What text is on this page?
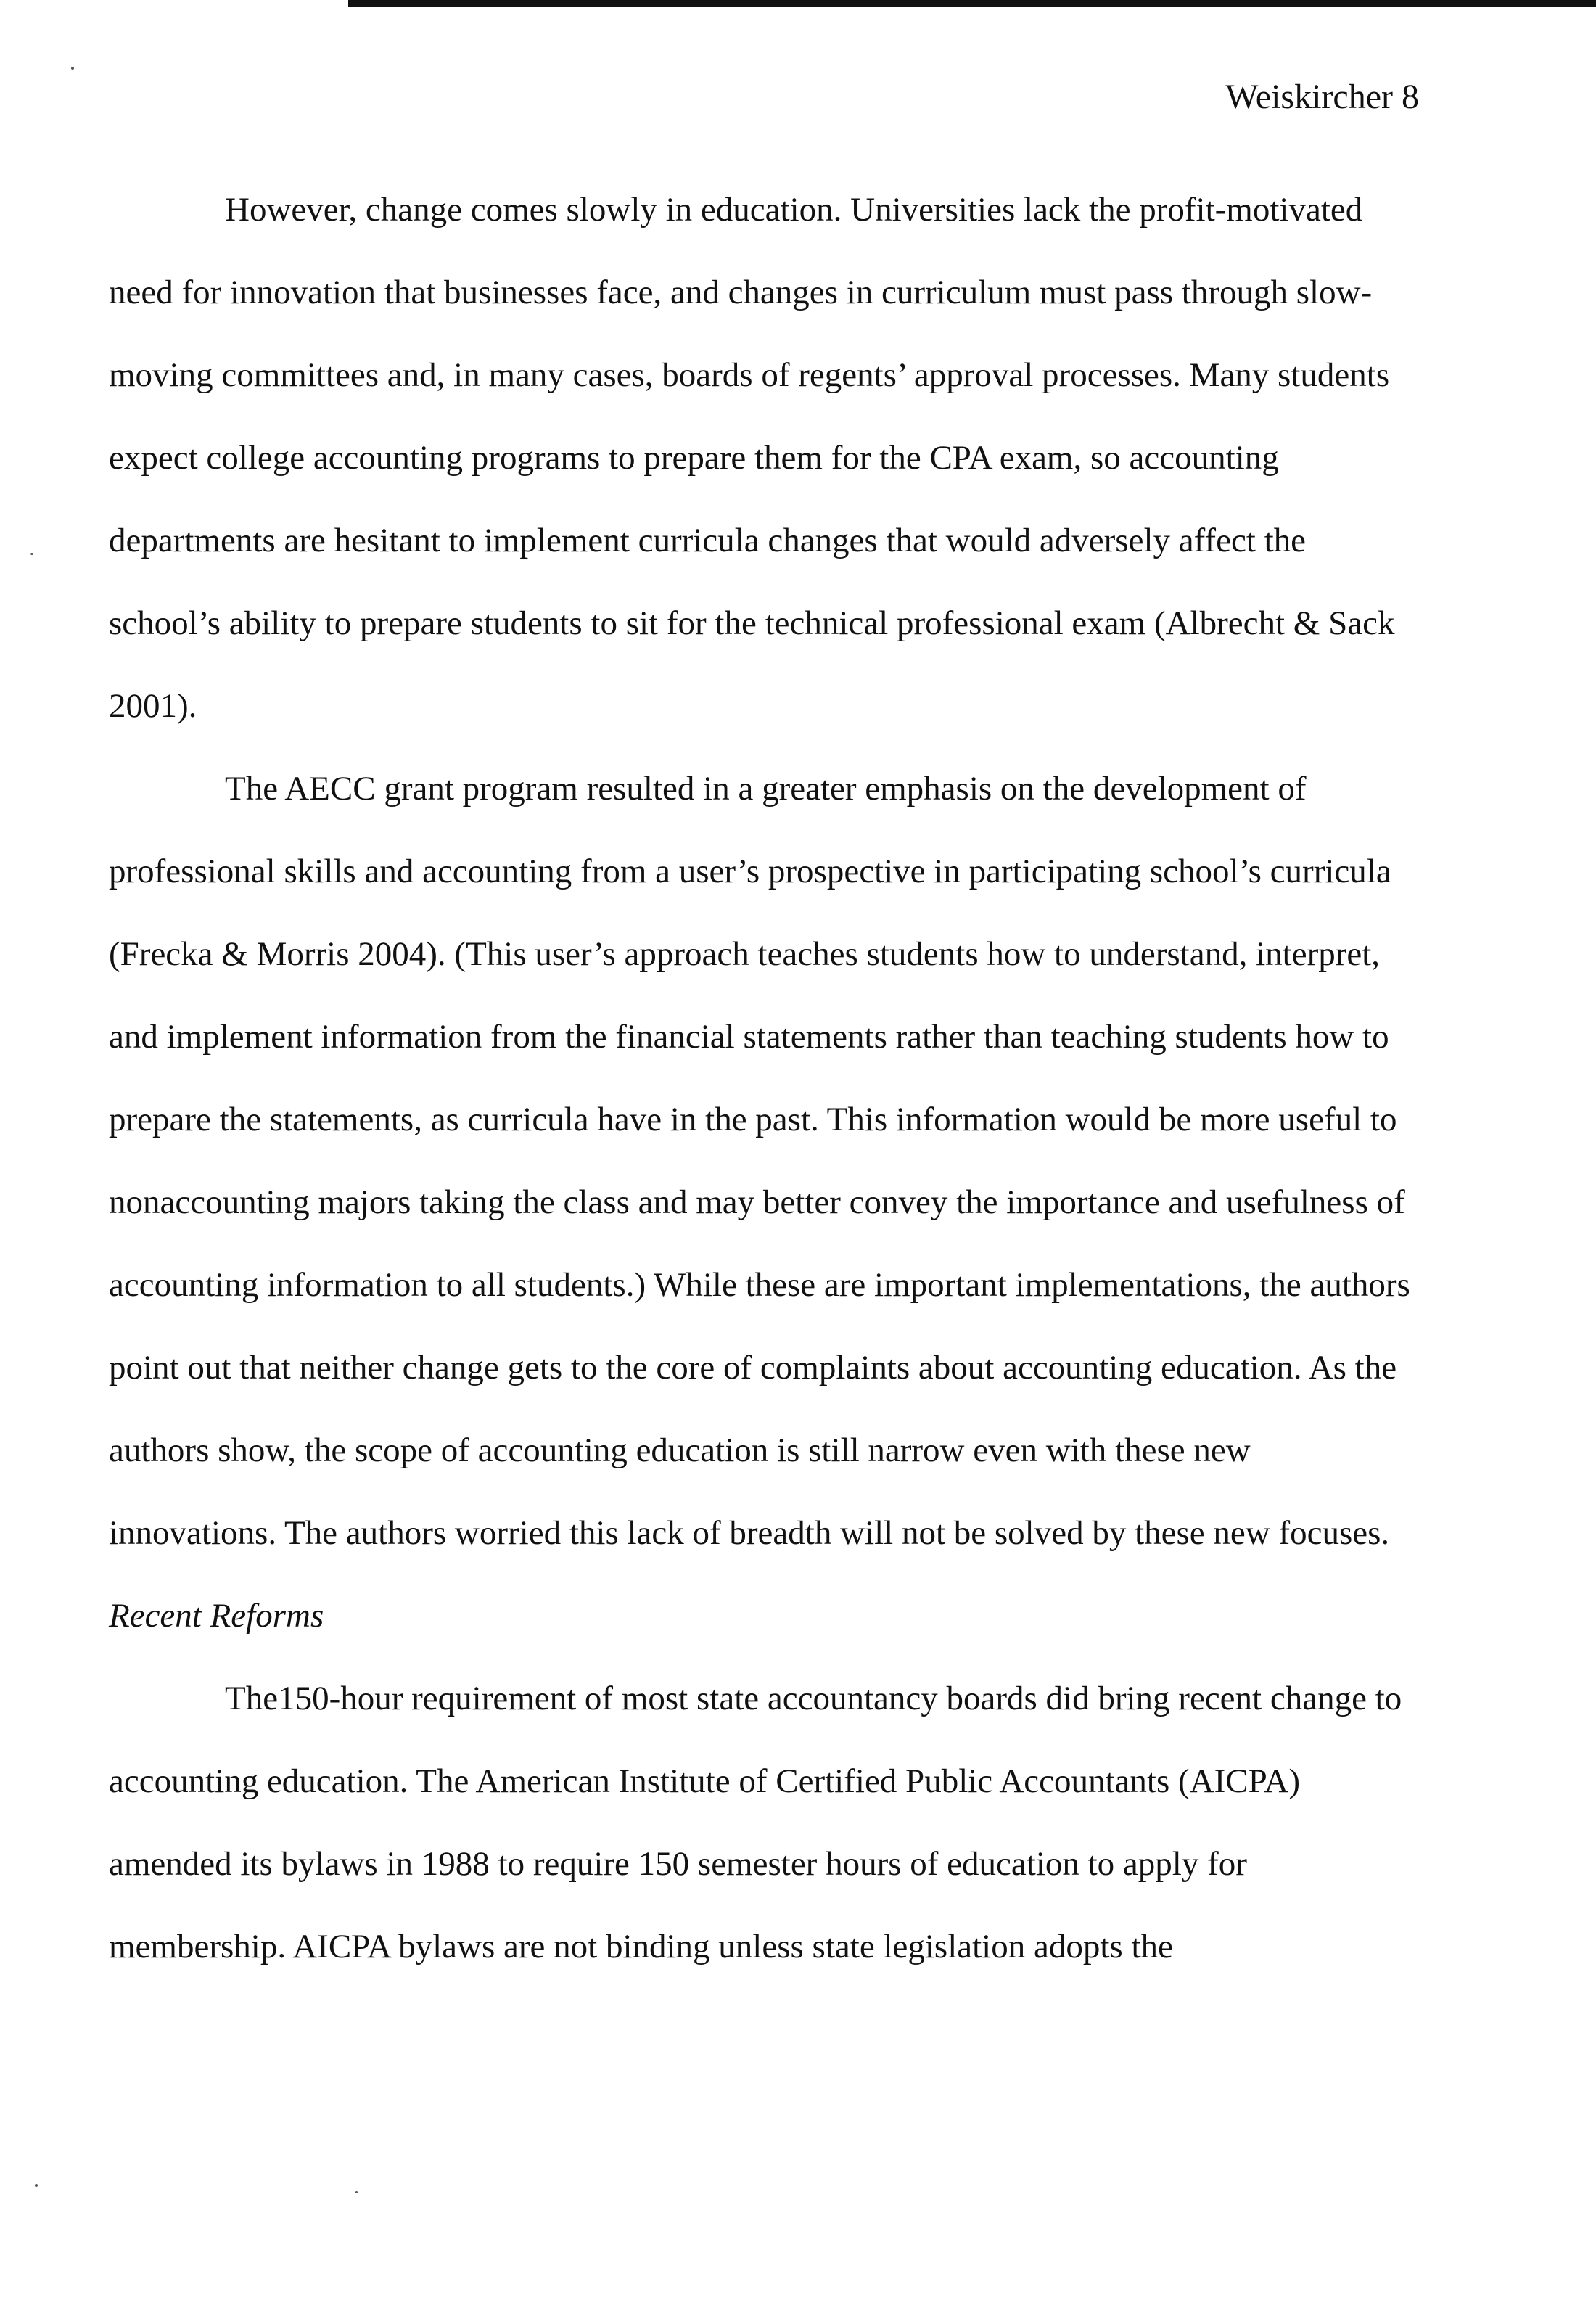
Weiskircher 8

However, change comes slowly in education. Universities lack the profit-motivated need for innovation that businesses face, and changes in curriculum must pass through slow-moving committees and, in many cases, boards of regents’ approval processes. Many students expect college accounting programs to prepare them for the CPA exam, so accounting departments are hesitant to implement curricula changes that would adversely affect the school’s ability to prepare students to sit for the technical professional exam (Albrecht & Sack 2001).

The AECC grant program resulted in a greater emphasis on the development of professional skills and accounting from a user’s prospective in participating school’s curricula (Frecka & Morris 2004). (This user’s approach teaches students how to understand, interpret, and implement information from the financial statements rather than teaching students how to prepare the statements, as curricula have in the past. This information would be more useful to nonaccounting majors taking the class and may better convey the importance and usefulness of accounting information to all students.) While these are important implementations, the authors point out that neither change gets to the core of complaints about accounting education. As the authors show, the scope of accounting education is still narrow even with these new innovations. The authors worried this lack of breadth will not be solved by these new focuses.

Recent Reforms

The150-hour requirement of most state accountancy boards did bring recent change to accounting education. The American Institute of Certified Public Accountants (AICPA) amended its bylaws in 1988 to require 150 semester hours of education to apply for membership. AICPA bylaws are not binding unless state legislation adopts the
